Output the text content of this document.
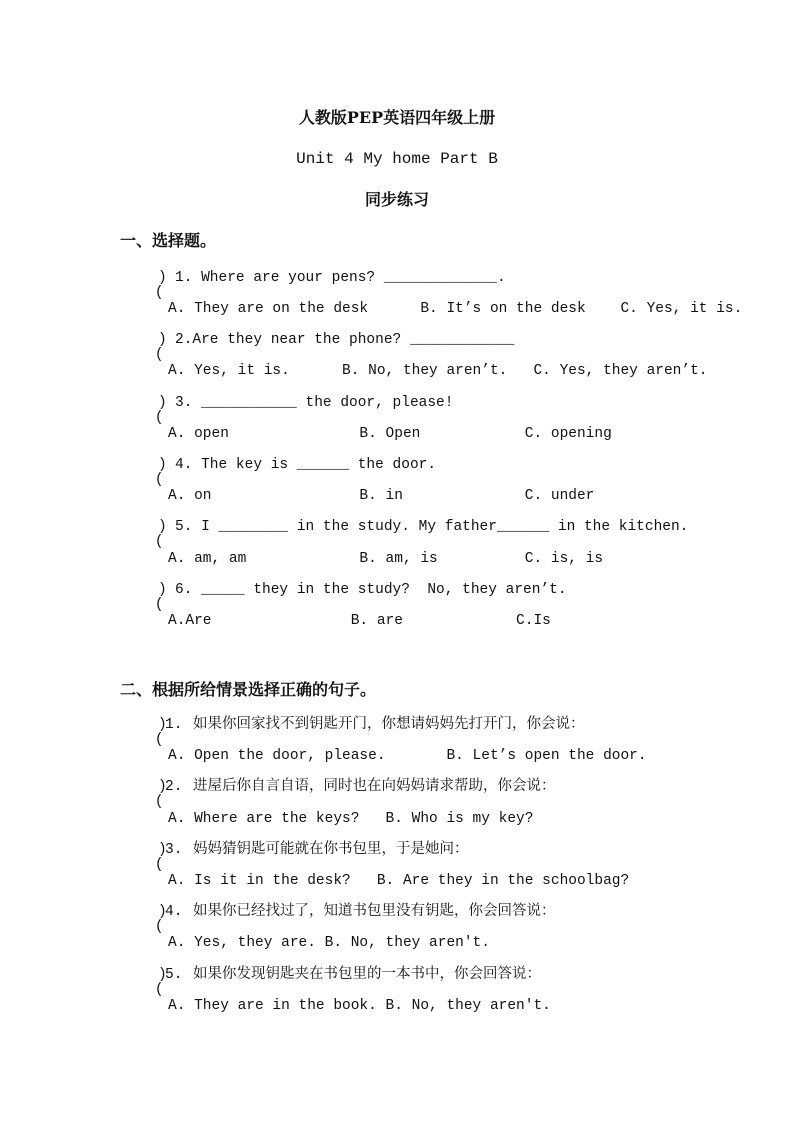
人教版PEP英语四年级上册
Unit 4 My home Part B
同步练习
一、选择题。

(
) 1. Where are your pens? _____________.

A. They are on the desk      B. It’s on the desk    C. Yes, it is.

(
) 2.Are they near the phone? ____________

A. Yes, it is.      B. No, they aren’t.   C. Yes, they aren’t.

(
) 3. ___________ the door, please!

A. open               B. Open            C. opening

(
) 4. The key is ______ the door.

A. on                 B. in              C. under

(
) 5. I ________ in the study. My father______ in the kitchen.

A. am, am             B. am, is          C. is, is

(
) 6. _____ they in the study?  No, they aren’t.

A.Are                B. are             C.Is
二、根据所给情景选择正确的句子。

(
)
1. 如果你回家找不到钥匙开门，你想请妈妈先打开门，你会说：

A. Open the door, please.       B. Let’s open the door.

(
)
2. 进屋后你自言自语，同时也在向妈妈请求帮助，你会说：

A. Where are the keys?   B. Who is my key?

(
)
3. 妈妈猜钥匙可能就在你书包里，于是她问：

A. Is it in the desk?   B. Are they in the schoolbag?

(
)
4. 如果你已经找过了，知道书包里没有钥匙，你会回答说：

A. Yes, they are. B. No, they aren't.

(
)
5. 如果你发现钥匙夹在书包里的一本书中，你会回答说：

A. They are in the book. B. No, they aren't.
